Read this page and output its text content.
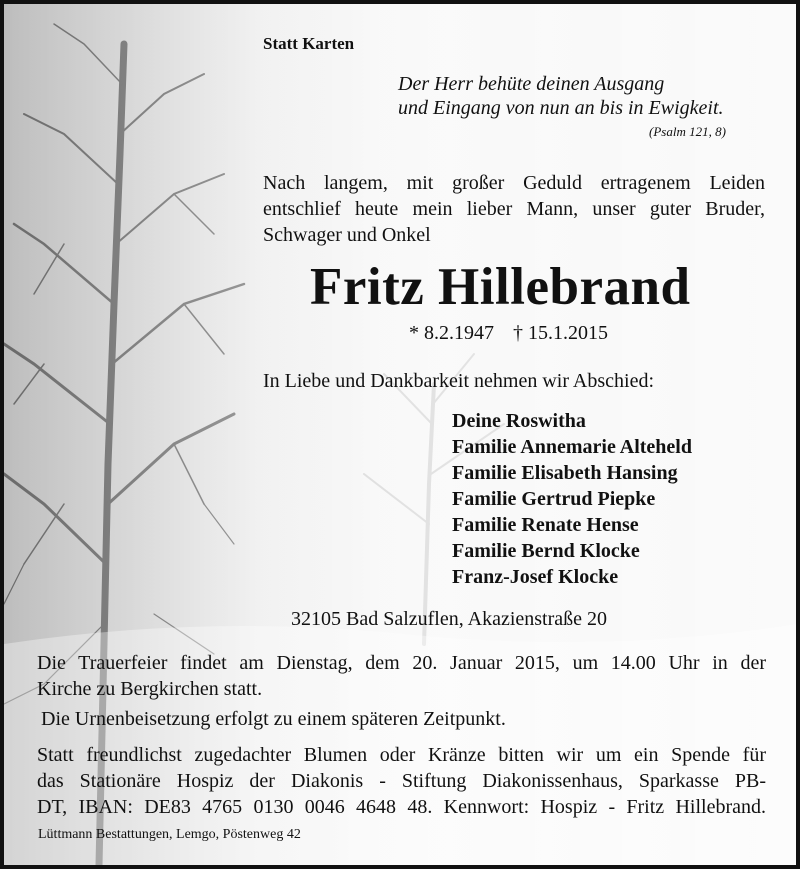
Statt Karten
Der Herr behüte deinen Ausgang
und Eingang von nun an bis in Ewigkeit.
(Psalm 121, 8)
Nach langem, mit großer Geduld ertragenem Leiden
entschlief heute mein lieber Mann, unser guter Bruder,
Schwager und Onkel
Fritz Hillebrand
* 8.2.1947 † 15.1.2015
In Liebe und Dankbarkeit nehmen wir Abschied:
Deine Roswitha
Familie Annemarie Alteheld
Familie Elisabeth Hansing
Familie Gertrud Piepke
Familie Renate Hense
Familie Bernd Klocke
Franz-Josef Klocke
32105 Bad Salzuflen, Akazienstraße 20
Die Trauerfeier findet am Dienstag, dem 20. Januar 2015, um 14.00 Uhr in der
Kirche zu Bergkirchen statt.
Die Urnenbeisetzung erfolgt zu einem späteren Zeitpunkt.
Statt freundlichst zugedachter Blumen oder Kränze bitten wir um ein Spende für
das Stationäre Hospiz der Diakonis - Stiftung Diakonissenhaus, Sparkasse PB-
DT, IBAN: DE83 4765 0130 0046 4648 48. Kennwort: Hospiz - Fritz Hillebrand.
Lüttmann Bestattungen, Lemgo, Pöstenweg 42
